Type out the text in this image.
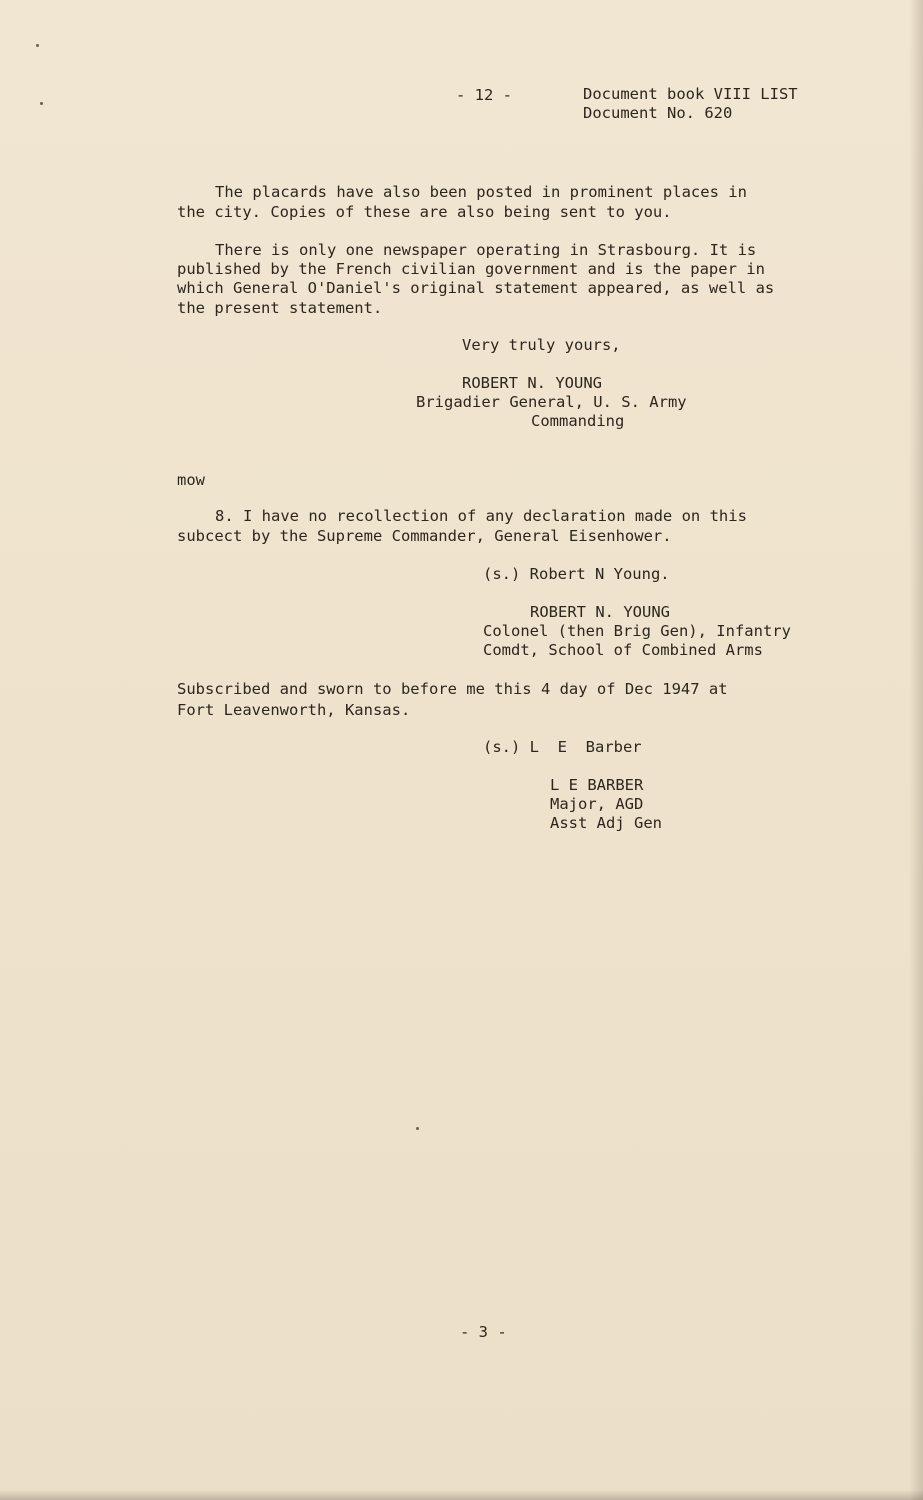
- 12 -	Document book VIII LIST
Document No. 620
The placards have also been posted in prominent places in
the city. Copies of these are also being sent to you.
There is only one newspaper operating in Strasbourg. It is
published by the French civilian government and is the paper in
which General O'Daniel's original statement appeared, as well as
the present statement.
Very truly yours,
ROBERT N. YOUNG
Brigadier General, U. S. Army
Commanding
mow
8. I have no recollection of any declaration made on this
subcect by the Supreme Commander, General Eisenhower.
(s.) Robert N Young.
ROBERT N. YOUNG
Colonel (then Brig Gen), Infantry
Comdt, School of Combined Arms
Subscribed and sworn to before me this 4 day of Dec 1947 at
Fort Leavenworth, Kansas.
(s.) L  E  Barber
L E BARBER
Major, AGD
Asst Adj Gen
- 3 -
